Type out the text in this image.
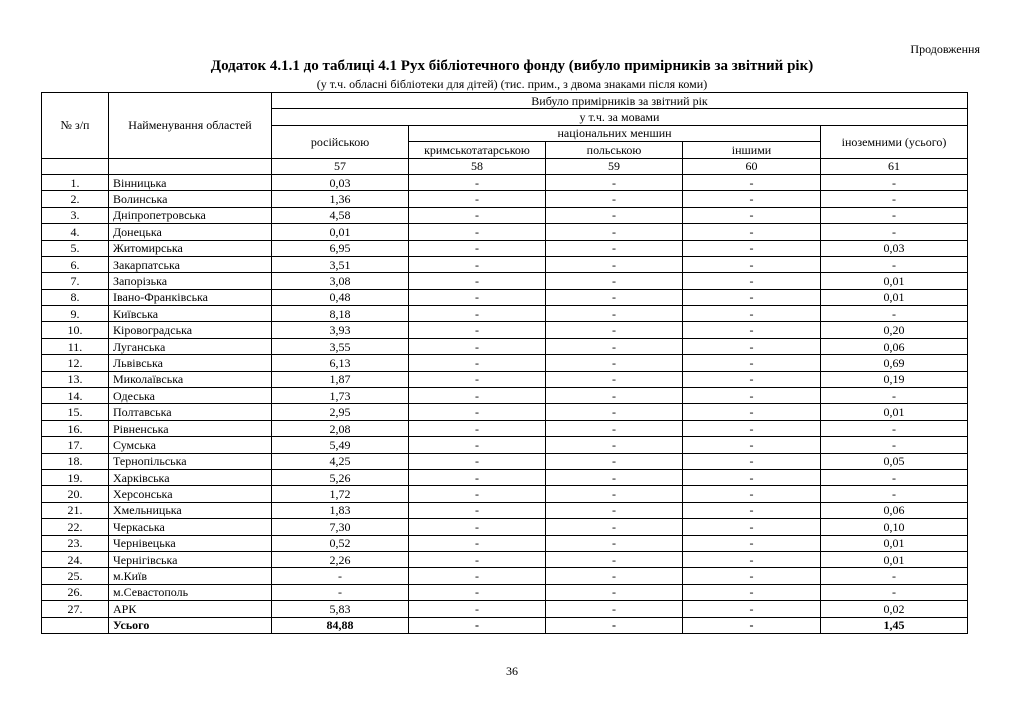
Продовження
Додаток 4.1.1 до таблиці 4.1 Рух бібліотечного фонду (вибуло примірників за звітний рік)
(у т.ч. обласні бібліотеки для дітей) (тис. прим., з двома знаками після коми)
№ з/п	Найменування областей	Вибуло примірників за звітний рік				
		у т.ч. за мовами				
		російською	національних меншин			іноземними (усього)
			кримськотатарською	польською	іншими	
		57	58	59	60	61
1.	Вінницька	0,03	-	-	-	-
2.	Волинська	1,36	-	-	-	-
3.	Дніпропетровська	4,58	-	-	-	-
4.	Донецька	0,01	-	-	-	-
5.	Житомирська	6,95	-	-	-	0,03
6.	Закарпатська	3,51	-	-	-	-
7.	Запорізька	3,08	-	-	-	0,01
8.	Івано-Франківська	0,48	-	-	-	0,01
9.	Київська	8,18	-	-	-	-
10.	Кіровоградська	3,93	-	-	-	0,20
11.	Луганська	3,55	-	-	-	0,06
12.	Львівська	6,13	-	-	-	0,69
13.	Миколаївська	1,87	-	-	-	0,19
14.	Одеська	1,73	-	-	-	-
15.	Полтавська	2,95	-	-	-	0,01
16.	Рівненська	2,08	-	-	-	-
17.	Сумська	5,49	-	-	-	-
18.	Тернопільська	4,25	-	-	-	0,05
19.	Харківська	5,26	-	-	-	-
20.	Херсонська	1,72	-	-	-	-
21.	Хмельницька	1,83	-	-	-	0,06
22.	Черкаська	7,30	-	-	-	0,10
23.	Чернівецька	0,52	-	-	-	0,01
24.	Чернігівська	2,26	-	-	-	0,01
25.	м.Київ	-	-	-	-	-
26.	м.Севастополь	-	-	-	-	-
27.	АРК	5,83	-	-	-	0,02
	Усього	84,88	-	-	-	1,45
36
